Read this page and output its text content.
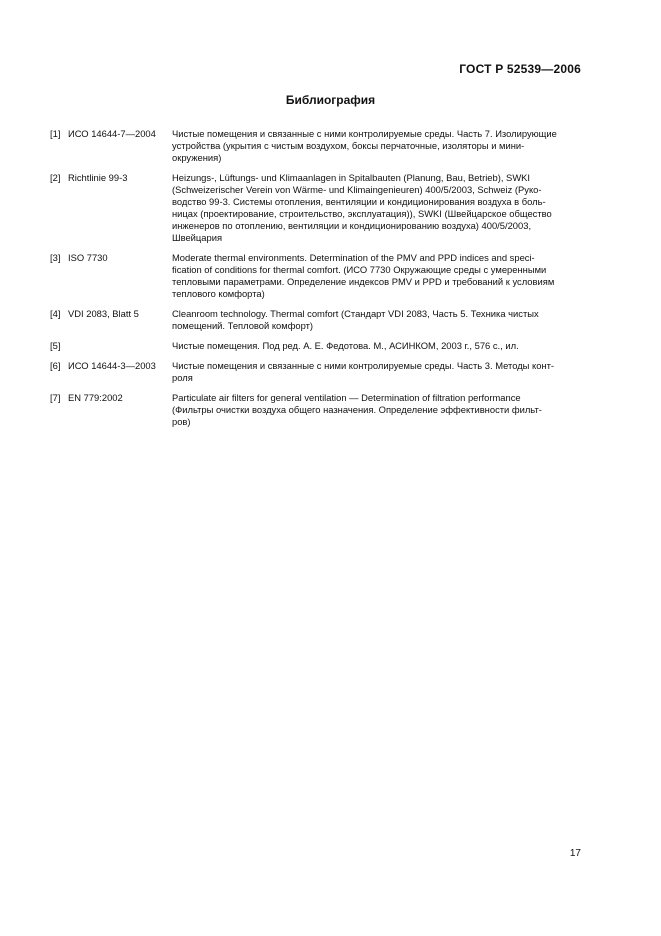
ГОСТ Р 52539—2006
Библиография
[1] ИСО 14644-7—2004	Чистые помещения и связанные с ними контролируемые среды. Часть 7. Изолирующие
устройства (укрытия с чистым воздухом, боксы перчаточные, изоляторы и мини-
окружения)
[2] Richtlinie 99-3	Heizungs-, Lüftungs- und Klimaanlagen in Spitalbauten (Planung, Bau, Betrieb), SWKI
(Schweizerischer Verein von Wärme- und Klimaingenieuren) 400/5/2003, Schweiz (Руко-
водство 99-3. Системы отопления, вентиляции и кондиционирования воздуха в боль-
ницах (проектирование, строительство, эксплуатация)), SWKI (Швейцарское общество
инженеров по отоплению, вентиляции и кондиционированию воздуха) 400/5/2003,
Швейцария
[3] ISO 7730	Moderate thermal environments. Determination of the PMV and PPD indices and speci-
fication of conditions for thermal comfort. (ИСО 7730 Окружающие среды с умеренными
тепловыми параметрами. Определение индексов PMV и PPD и требований к условиям
теплового комфорта)
[4] VDI 2083, Blatt 5	Cleanroom technology. Thermal comfort (Стандарт VDI 2083, Часть 5. Техника чистых
помещений. Тепловой комфорт)
[5]	Чистые помещения. Под ред. А. Е. Федотова. М., АСИНКОМ, 2003 г., 576 с., ил.
[6] ИСО 14644-3—2003	Чистые помещения и связанные с ними контролируемые среды. Часть 3. Методы конт-
роля
[7] EN 779:2002	Particulate air filters for general ventilation — Determination of filtration performance
(Фильтры очистки воздуха общего назначения. Определение эффективности фильт-
ров)
17
